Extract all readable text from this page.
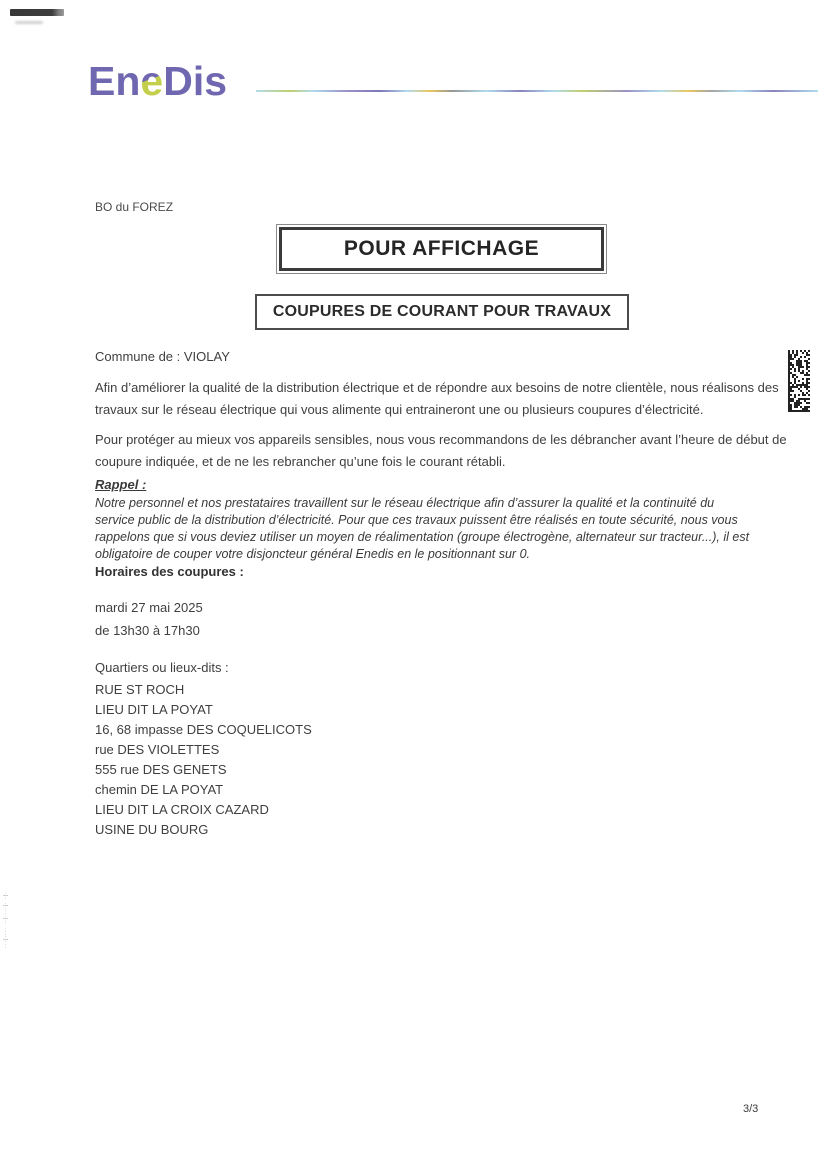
···|···· ··|····|· ·|·
EneDis
BO du FOREZ
POUR AFFICHAGE
COUPURES DE COURANT POUR TRAVAUX
Commune de : VIOLAY
Afin d’améliorer la qualité de la distribution électrique et de répondre aux besoins de notre clientèle, nous réalisons des travaux sur le réseau électrique qui vous alimente qui entraineront une ou plusieurs coupures d’électricité.
Pour protéger au mieux vos appareils sensibles, nous vous recommandons de les débrancher avant l’heure de début de coupure indiquée, et de ne les rebrancher qu’une fois le courant rétabli.
Rappel :
Notre personnel et nos prestataires travaillent sur le réseau électrique afin d’assurer la qualité et la continuité du service public de la distribution d’électricité. Pour que ces travaux puissent être réalisés en toute sécurité, nous vous rappelons que si vous deviez utiliser un moyen de réalimentation (groupe électrogène, alternateur sur tracteur...), il est obligatoire de couper votre disjoncteur général Enedis en le positionnant sur 0.
Horaires des coupures :
mardi 27 mai 2025
de 13h30 à 17h30
Quartiers ou lieux-dits :
RUE ST ROCH
LIEU DIT LA POYAT
16, 68 impasse DES COQUELICOTS
rue DES VIOLETTES
555 rue DES GENETS
chemin DE LA POYAT
LIEU DIT LA CROIX CAZARD
USINE DU BOURG
3/3
